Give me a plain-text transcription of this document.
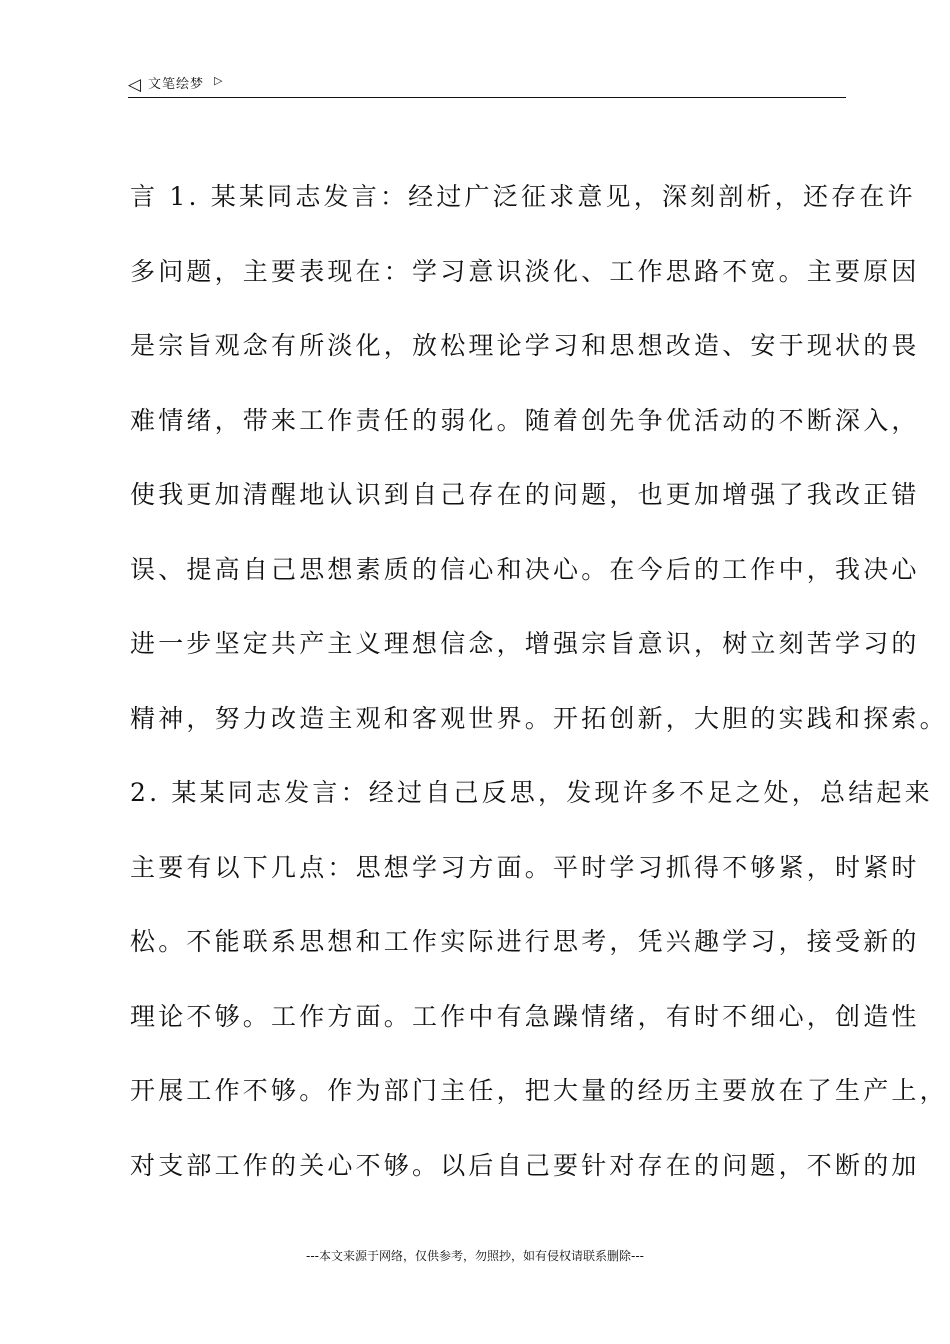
◁ 文笔绘梦 ▷
言 1. 某某同志发言：经过广泛征求意见，深刻剖析，还存在许
多问题，主要表现在：学习意识淡化、工作思路不宽。主要原因
是宗旨观念有所淡化，放松理论学习和思想改造、安于现状的畏
难情绪，带来工作责任的弱化。随着创先争优活动的不断深入，
使我更加清醒地认识到自己存在的问题，也更加增强了我改正错
误、提高自己思想素质的信心和决心。在今后的工作中，我决心
进一步坚定共产主义理想信念，增强宗旨意识，树立刻苦学习的
精神，努力改造主观和客观世界。开拓创新，大胆的实践和探索。
2. 某某同志发言：经过自己反思，发现许多不足之处，总结起来
主要有以下几点：思想学习方面。平时学习抓得不够紧，时紧时
松。不能联系思想和工作实际进行思考，凭兴趣学习，接受新的
理论不够。工作方面。工作中有急躁情绪，有时不细心，创造性
开展工作不够。作为部门主任，把大量的经历主要放在了生产上，
对支部工作的关心不够。以后自己要针对存在的问题，不断的加
---本文来源于网络，仅供参考，勿照抄，如有侵权请联系删除---
